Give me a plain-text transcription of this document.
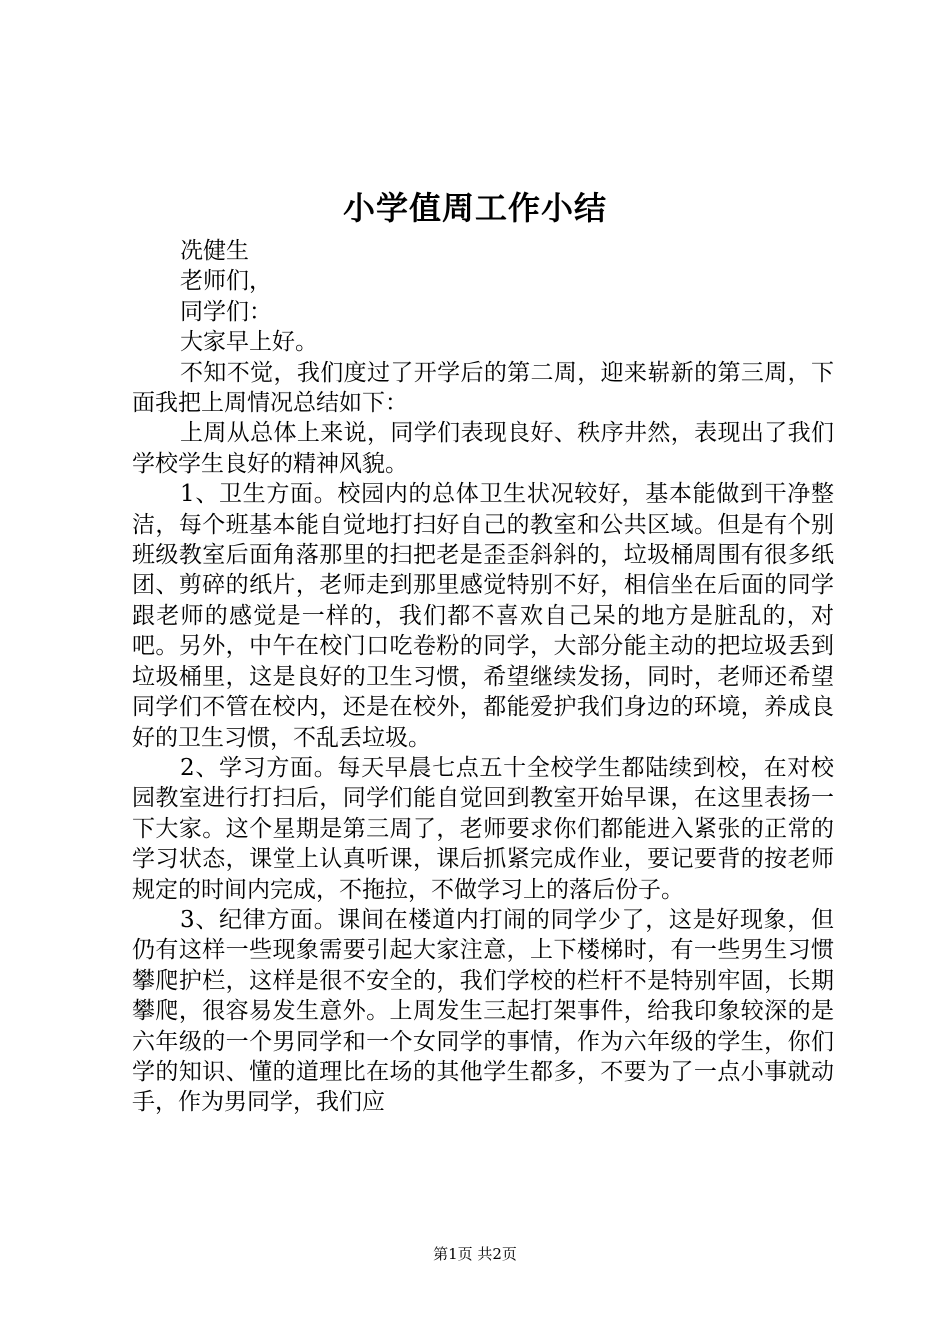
小学值周工作小结

冼健生

老师们，

同学们：

大家早上好。

不知不觉，我们度过了开学后的第二周，迎来崭新的第三周，下面我把上周情况总结如下：

上周从总体上来说，同学们表现良好、秩序井然，表现出了我们学校学生良好的精神风貌。

1、卫生方面。校园内的总体卫生状况较好，基本能做到干净整洁，每个班基本能自觉地打扫好自己的教室和公共区域。但是有个别班级教室后面角落那里的扫把老是歪歪斜斜的，垃圾桶周围有很多纸团、剪碎的纸片，老师走到那里感觉特别不好，相信坐在后面的同学跟老师的感觉是一样的，我们都不喜欢自己呆的地方是脏乱的，对吧。另外，中午在校门口吃卷粉的同学，大部分能主动的把垃圾丢到垃圾桶里，这是良好的卫生习惯，希望继续发扬，同时，老师还希望同学们不管在校内，还是在校外，都能爱护我们身边的环境，养成良好的卫生习惯，不乱丢垃圾。

2、学习方面。每天早晨七点五十全校学生都陆续到校，在对校园教室进行打扫后，同学们能自觉回到教室开始早课，在这里表扬一下大家。这个星期是第三周了，老师要求你们都能进入紧张的正常的学习状态，课堂上认真听课，课后抓紧完成作业，要记要背的按老师规定的时间内完成，不拖拉，不做学习上的落后份子。

3、纪律方面。课间在楼道内打闹的同学少了，这是好现象，但仍有这样一些现象需要引起大家注意，上下楼梯时，有一些男生习惯攀爬护栏，这样是很不安全的，我们学校的栏杆不是特别牢固，长期攀爬，很容易发生意外。上周发生三起打架事件，给我印象较深的是六年级的一个男同学和一个女同学的事情，作为六年级的学生，你们学的知识、懂的道理比在场的其他学生都多，不要为了一点小事就动手，作为男同学，我们应

第1页 共2页
